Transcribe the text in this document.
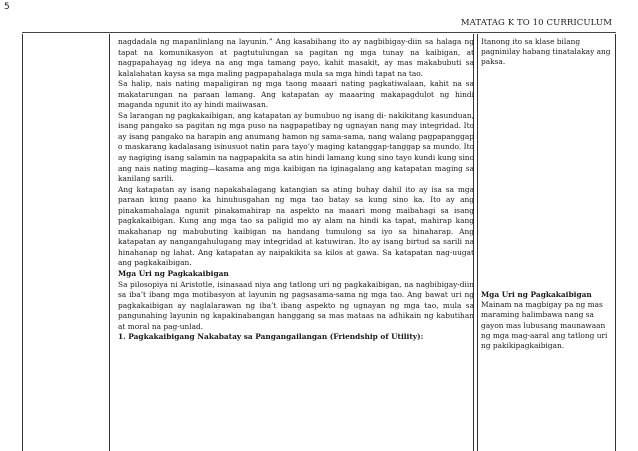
5
MATATAG K TO 10 CURRICULUM

nagdadala ng mapanlinlang na layunin.” Ang kasabihang ito ay nagbibigay-diin sa halaga ng tapat na komunikasyon at pagtutulungan sa pagitan ng mga tunay na kaibigan, at nagpapahayag ng ideya na ang mga tamang payo, kahit masakit, ay mas makabubuti sa kalalahatan kaysa sa mga maling pagpapahalaga mula sa mga hindi tapat na tao.

Sa halip, nais nating mapaligiran ng mga taong maaari nating pagkatiwalaan, kahit na sa makatarungan na paraan lamang. Ang katapatan ay maaaring makapagdulot ng hindi maganda ngunit ito ay hindi maiiwasan.

Sa larangan ng pagkakaibigan, ang katapatan ay bumubuo ng isang di- nakikitang kasunduan, isang pangako sa pagitan ng mga puso na nagpapatibay ng ugnayan nang may integridad. Ito ay isang pangako na harapin ang anumang hamon ng sama-sama, nang walang pagpapanggap o maskarang kadalasang isinusuot natin para tayo’y maging katanggap-tanggap sa mundo. Ito ay nagiging isang salamin na nagpapakita sa atin hindi lamang kung sino tayo kundi kung sino ang nais nating maging—kasama ang mga kaibigan na iginagalang ang katapatan maging sa kanilang sarili.

Ang katapatan ay isang napakahalagang katangian sa ating buhay dahil ito ay isa sa mga paraan kung paano ka hinuhusgahan ng mga tao batay sa kung sino ka. Ito ay ang pinakamahalaga ngunit pinakamahirap na aspekto na maaari mong maibahagi sa isang pagkakaibigan. Kung ang mga tao sa paligid mo ay alam na hindi ka tapat, mahirap kang makahanap ng mabubuting kaibigan na handang tumulong sa iyo sa hinaharap. Ang katapatan ay nangangahulugang may integridad at katuwiran. Ito ay isang birtud sa sarili na hinahanap ng lahat. Ang katapatan ay naipakikita sa kilos at gawa. Sa katapatan nag-uugat ang pagkakaibigan.

Mga Uri ng Pagkakaibigan

Sa pilosopiya ni Aristotle, isinasaad niya ang tatlong uri ng pagkakaibigan, na nagbibigay-diin sa iba’t ibang mga motibasyon at layunin ng pagsasama-sama ng mga tao. Ang bawat uri ng pagkakaibigan ay naglalarawan ng iba’t ibang aspekto ng ugnayan ng mga tao, mula sa pangunahing layunin ng kapakinabangan hanggang sa mas mataas na adhikain ng kabutihan at moral na pag-unlad.

1. Pagkakaibigang Nakabatay sa Pangangailangan (Friendship of Utility):

Itanong ito sa klase bilang pagninilay habang tinatalakay ang paksa.

Mga Uri ng Pagkakaibigan

Mainam na magbigay pa ng mas maraming halimbawa nang sa gayon mas lubusang maunawaan ng mga mag-aaral ang tatlong uri ng pakikipagkaibigan.
